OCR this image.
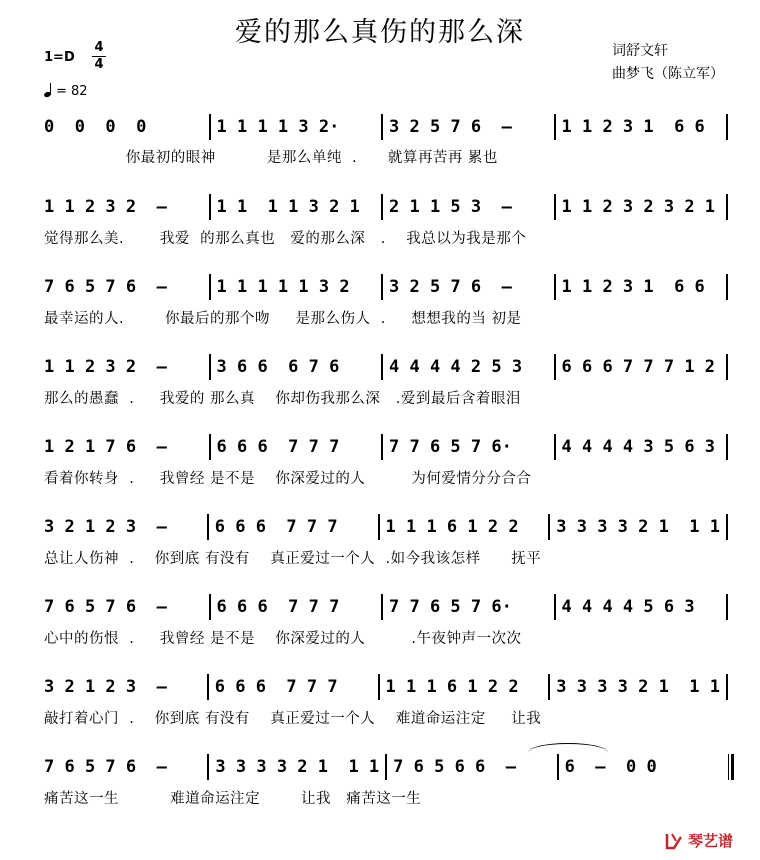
爱的那么真伤的那么深
词舒文轩
曲梦飞（陈立军）
1=D
4
4
= 82
0  0  0  0	1 1 1 1 3 2·	3 2 5 7 6  –	1 1 2 3 1  6 6
你最初的眼神          是那么单纯  .      就算再苦再 累也
1 1 2 3 2  –	1 1  1 1 3 2 1	2 1 1 5 3  –	1 1 2 3 2 3 2 1
觉得那么美.       我爱  的那么真也   爱的那么深   .    我总以为我是那个
7 6 5 7 6  –	1 1 1 1 1 3 2	3 2 5 7 6  –	1 1 2 3 1  6 6
最幸运的人.        你最后的那个吻     是那么伤人  .     想想我的当 初是
1 1 2 3 2  –	3 6 6  6 7 6	4 4 4 4 2 5 3	6 6 6 7 7 7 1 2
那么的愚蠢  .     我爱的 那么真    你却伤我那么深   .爱到最后含着眼泪
1 2 1 7 6  –	6 6 6  7 7 7	7 7 6 5 7 6·	4 4 4 4 3 5 6 3
看着你转身  .     我曾经 是不是    你深爱过的人         为何爱情分分合合
3 2 1 2 3  –	6 6 6  7 7 7	1 1 1 6 1 2 2	3 3 3 3 2 1  1 1
总让人伤神  .    你到底 有没有    真正爱过一个人  .如今我该怎样      抚平
7 6 5 7 6  –	6 6 6  7 7 7	7 7 6 5 7 6·	4 4 4 4 5 6 3
心中的伤恨  .     我曾经 是不是    你深爱过的人         .午夜钟声一次次
3 2 1 2 3  –	6 6 6  7 7 7	1 1 1 6 1 2 2	3 3 3 3 2 1  1 1
敲打着心门  .    你到底 有没有    真正爱过一个人    难道命运注定     让我
7 6 5 7 6  –	3 3 3 3 2 1  1 1 7 6 5 6 6  –	6  –  0 0
痛苦这一生          难道命运注定        让我   痛苦这一生
琴艺谱
